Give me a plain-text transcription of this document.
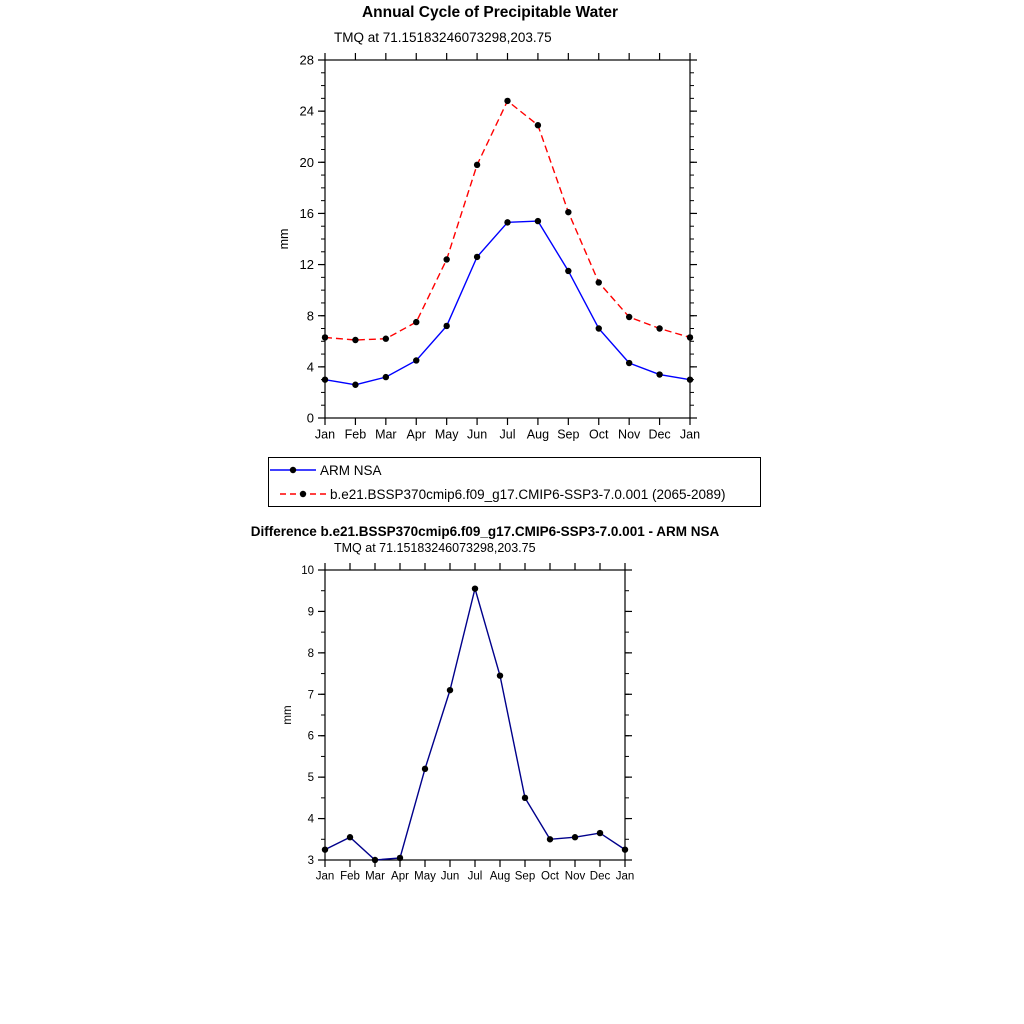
Annual Cycle of Precipitable Water
TMQ at 71.15183246073298,203.75
0
4
8
12
16
20
24
28
Jan Feb Mar Apr May Jun Jul Aug Sep Oct Nov Dec Jan
mm
ARM NSA
b.e21.BSSP370cmip6.f09_g17.CMIP6-SSP3-7.0.001 (2065-2089)
Difference b.e21.BSSP370cmip6.f09_g17.CMIP6-SSP3-7.0.001 - ARM NSA
TMQ at 71.15183246073298,203.75
3
4
5
6
7
8
9
10
Jan Feb Mar Apr May Jun Jul Aug Sep Oct Nov Dec Jan
mm
